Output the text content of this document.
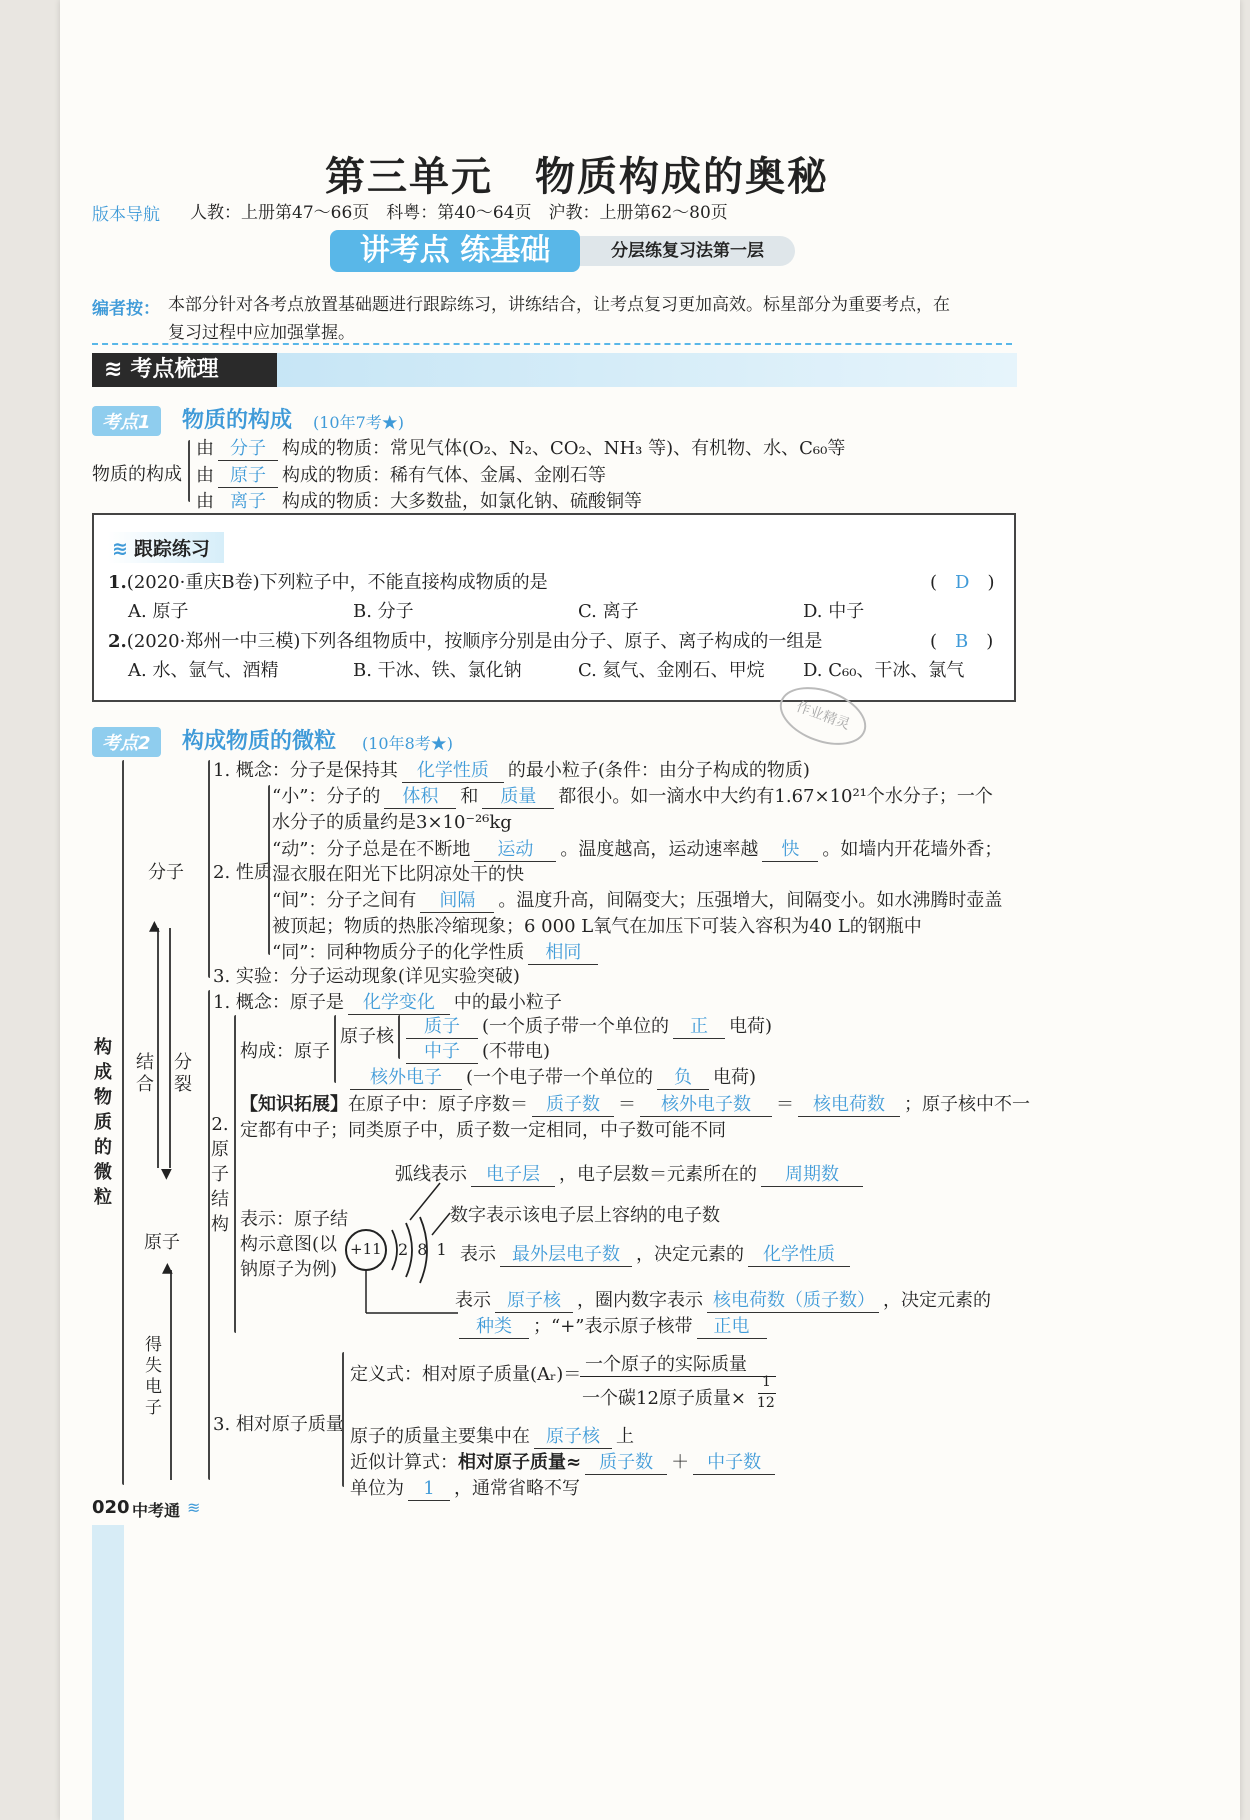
第三单元　物质构成的奥秘
版本导航 人教：上册第47～66页　科粤：第40～64页　沪教：上册第62～80页
讲考点 练基础	分层练复习法第一层
编者按： 本部分针对各考点放置基础题进行跟踪练习，讲练结合，让考点复习更加高效。标星部分为重要考点，在
复习过程中应加强掌握。
≋ 考点梳理
考点1	物质的构成 (10年7考★)
物质的构成
由 分子 构成的物质：常见气体(O₂、N₂、CO₂、NH₃ 等)、有机物、水、C₆₀等
由 原子 构成的物质：稀有气体、金属、金刚石等
由 离子 构成的物质：大多数盐，如氯化钠、硫酸铜等
≋ 跟踪练习
1.(2020·重庆B卷)下列粒子中，不能直接构成物质的是	(　D　)
A. 原子	B. 分子	C. 离子	D. 中子
2.(2020·郑州一中三模)下列各组物质中，按顺序分别是由分子、原子、离子构成的一组是	(　B　)
A. 水、氩气、酒精	B. 干冰、铁、氯化钠	C. 氦气、金刚石、甲烷 D. C₆₀、干冰、氯气
作业精灵
考点2	构成物质的微粒 (10年8考★)
构成物质的微粒
分子
▲
▼
结合
分裂
原子
▲
得失电子
1. 概念：分子是保持其 化学性质 的最小粒子(条件：由分子构成的物质)
2. 性质
“小”：分子的 体积 和 质量 都很小。如一滴水中大约有1.67×10²¹个水分子；一个
水分子的质量约是3×10⁻²⁶kg
“动”：分子总是在不断地 运动 。温度越高，运动速率越 快 。如墙内开花墙外香；
湿衣服在阳光下比阴凉处干的快
“间”：分子之间有 间隔 。温度升高，间隔变大；压强增大，间隔变小。如水沸腾时壶盖
被顶起；物质的热胀冷缩现象；6 000 L氧气在加压下可装入容积为40 L的钢瓶中
“同”：同种物质分子的化学性质 相同
3. 实验：分子运动现象(详见实验突破)
1. 概念：原子是 化学变化 中的最小粒子
2. 原子结构
构成：原子
原子核	质子 (一个质子带一个单位的 正 电荷)
中子 (不带电)
核外电子 (一个电子带一个单位的 负 电荷)
【知识拓展】在原子中：原子序数＝ 质子数 ＝ 核外电子数 ＝ 核电荷数 ；原子核中不一
定都有中子；同类原子中，质子数一定相同，中子数可能不同
弧线表示 电子层 ，电子层数＝元素所在的 周期数
数字表示该电子层上容纳的电子数
表示：原子结
构示意图(以
钠原子为例)
+11 2 8 1 表示 最外层电子数 ，决定元素的 化学性质
表示 原子核 ，圈内数字表示 核电荷数（质子数） ，决定元素的
种类 ；“+”表示原子核带 正电
3. 相对原子质量
定义式：相对原子质量(Aᵣ)＝ 一个原子的实际质量
一个碳12原子质量×
1
12
原子的质量主要集中在 原子核 上
近似计算式：相对原子质量≈ 质子数 ＋ 中子数
单位为 1 ，通常省略不写
020 中考通 ≋
